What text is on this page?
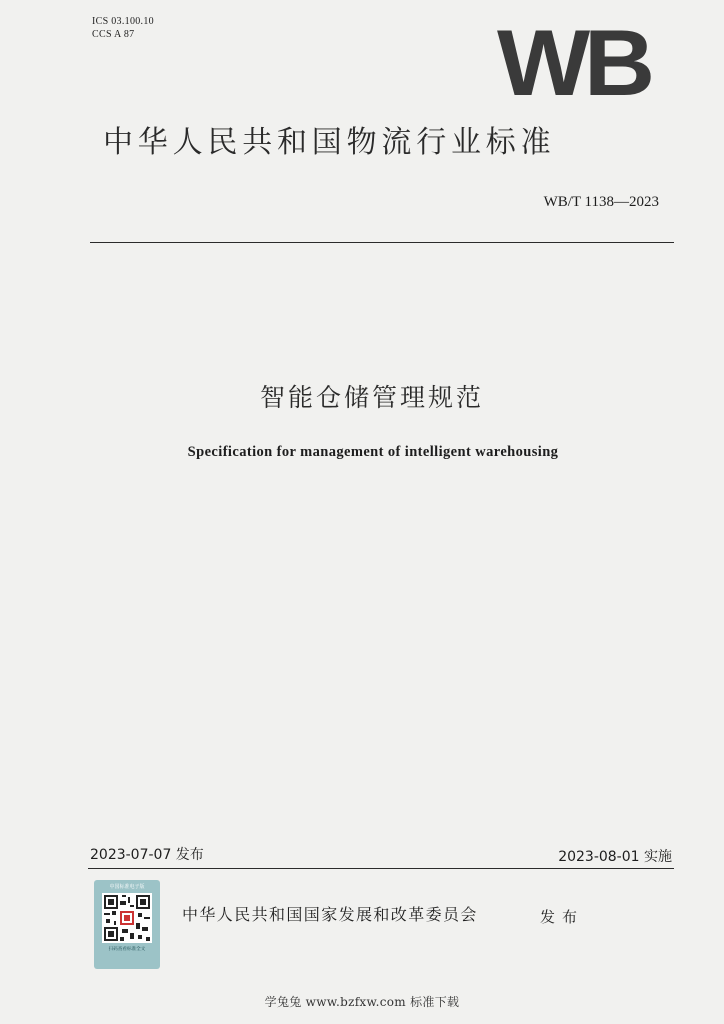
ICS 03.100.10
CCS A 87	WB
中华人民共和国物流行业标准
WB/T 1138—2023
智能仓储管理规范
Specification for management of intelligent warehousing
2023-07-07 发布	2023-08-01 实施
中国标准电子版
扫码查看标准全文
中华人民共和国国家发展和改革委员会	发布
学兔兔 www.bzfxw.com 标准下载
